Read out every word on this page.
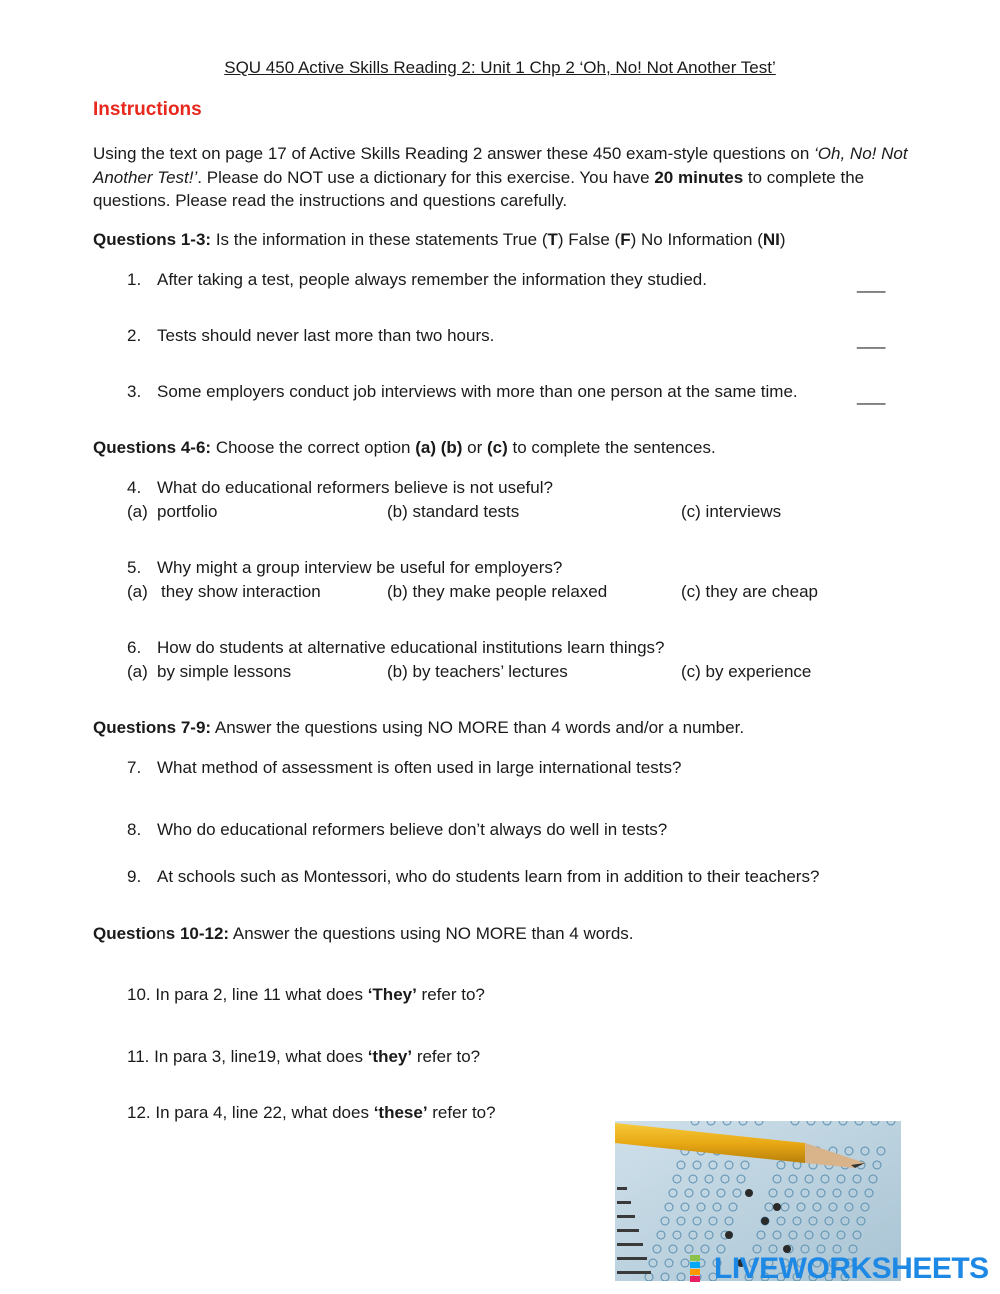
SQU 450 Active Skills Reading 2: Unit 1 Chp 2 ‘Oh, No! Not Another Test’
Instructions
Using the text on page 17 of Active Skills Reading 2 answer these 450 exam-style questions on ‘Oh, No! Not Another Test!’. Please do NOT use a dictionary for this exercise. You have 20 minutes to complete the questions. Please read the instructions and questions carefully.
Questions 1-3: Is the information in these statements True (T) False (F) No Information (NI)
1. After taking a test, people always remember the information they studied.	___
2. Tests should never last more than two hours.	___
3. Some employers conduct job interviews with more than one person at the same time.	___
Questions 4-6: Choose the correct option (a) (b) or (c) to complete the sentences.
4. What do educational reformers believe is not useful?
(a) portfolio	(b) standard tests	(c) interviews
5. Why might a group interview be useful for employers?
(a) they show interaction	(b) they make people relaxed	(c) they are cheap
6. How do students at alternative educational institutions learn things?
(a) by simple lessons	(b) by teachers’ lectures	(c) by experience
Questions 7-9: Answer the questions using NO MORE than 4 words and/or a number.
7. What method of assessment is often used in large international tests?
8. Who do educational reformers believe don’t always do well in tests?
9. At schools such as Montessori, who do students learn from in addition to their teachers?
Questions 10-12: Answer the questions using NO MORE than 4 words.
10. In para 2, line 11 what does ‘They’ refer to?
11. In para 3, line19, what does ‘they’ refer to?
12. In para 4, line 22, what does ‘these’ refer to?
LIVEWORKSHEETS
